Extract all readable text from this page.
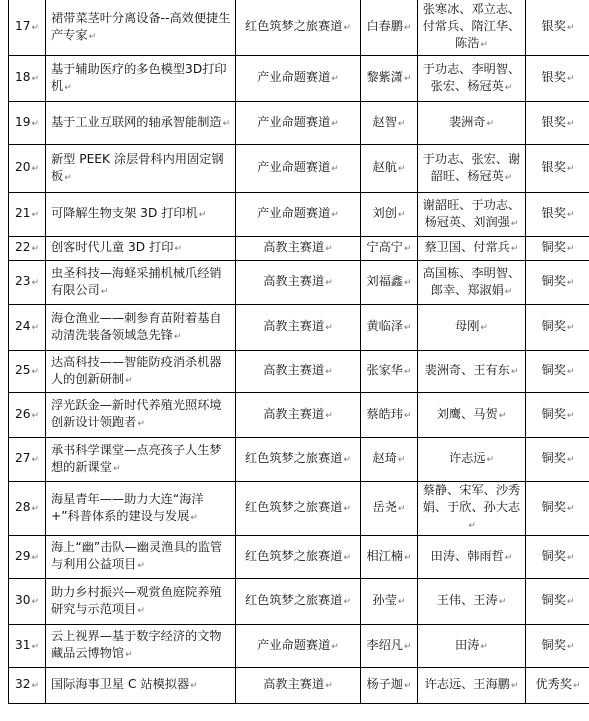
17↵	裙带菜茎叶分离设备--高效便捷生产专家↵	红色筑梦之旅赛道↵	白春鹏↵	张寒冰、邓立志、付常兵、隋江华、陈浩↵	银奖↵
18↵	基于辅助医疗的多色模型3D打印机↵	产业命题赛道↵	黎紫潇↵	于功志、李明智、张宏、杨冠英↵	银奖↵
19↵	基于工业互联网的轴承智能制造↵	产业命题赛道↵	赵智↵	裴洲奇↵	银奖↵
20↵	新型 PEEK 涂层骨科内用固定钢板↵	产业命题赛道↵	赵航↵	于功志、张宏、谢韶旺、杨冠英↵	银奖↵
21↵	可降解生物支架 3D 打印机↵	产业命题赛道↵	刘创↵	谢韶旺、于功志、杨冠英、刘润强↵	银奖↵
22↵	创客时代儿童 3D 打印↵	高教主赛道↵	宁高宁↵	蔡卫国、付常兵↵	铜奖↵
23↵	虫圣科技—海蛏采捕机械爪经销有限公司↵	高教主赛道↵	刘福鑫↵	高国栋、李明智、郎幸、郑淑娟↵	铜奖↵
24↵	海仓渔业——刺参育苗附着基自动清洗装备领域急先锋↵	高教主赛道↵	黄临泽↵	母刚↵	铜奖↵
25↵	达高科技——智能防疫消杀机器人的创新研制↵	高教主赛道↵	张家华↵	裴洲奇、王有东↵	铜奖↵
26↵	浮光跃金—新时代养殖光照环境创新设计领跑者↵	高教主赛道↵	蔡皓玮↵	刘鹰、马贺↵	铜奖↵
27↵	承书科学课堂—点亮孩子人生梦想的新课堂↵	红色筑梦之旅赛道↵	赵琦↵	许志远↵	铜奖↵
28↵	海星青年——助力大连“海洋+”科普体系的建设与发展↵	红色筑梦之旅赛道↵	岳尧↵	蔡静、宋军、沙秀娟、于欣、孙大志↵	铜奖↵
29↵	海上“幽”击队—幽灵渔具的监管与利用公益项目↵	红色筑梦之旅赛道↵	相江楠↵	田涛、韩雨哲↵	铜奖↵
30↵	助力乡村振兴—观赏鱼庭院养殖研究与示范项目↵	红色筑梦之旅赛道↵	孙莹↵	王伟、王涛↵	铜奖↵
31↵	云上视界—基于数字经济的文物藏品云博物馆↵	产业命题赛道↵	李绍凡↵	田涛↵	铜奖↵
32↵	国际海事卫星 C 站模拟器↵	高教主赛道↵	杨子迦↵	许志远、王海鹏↵	优秀奖↵
